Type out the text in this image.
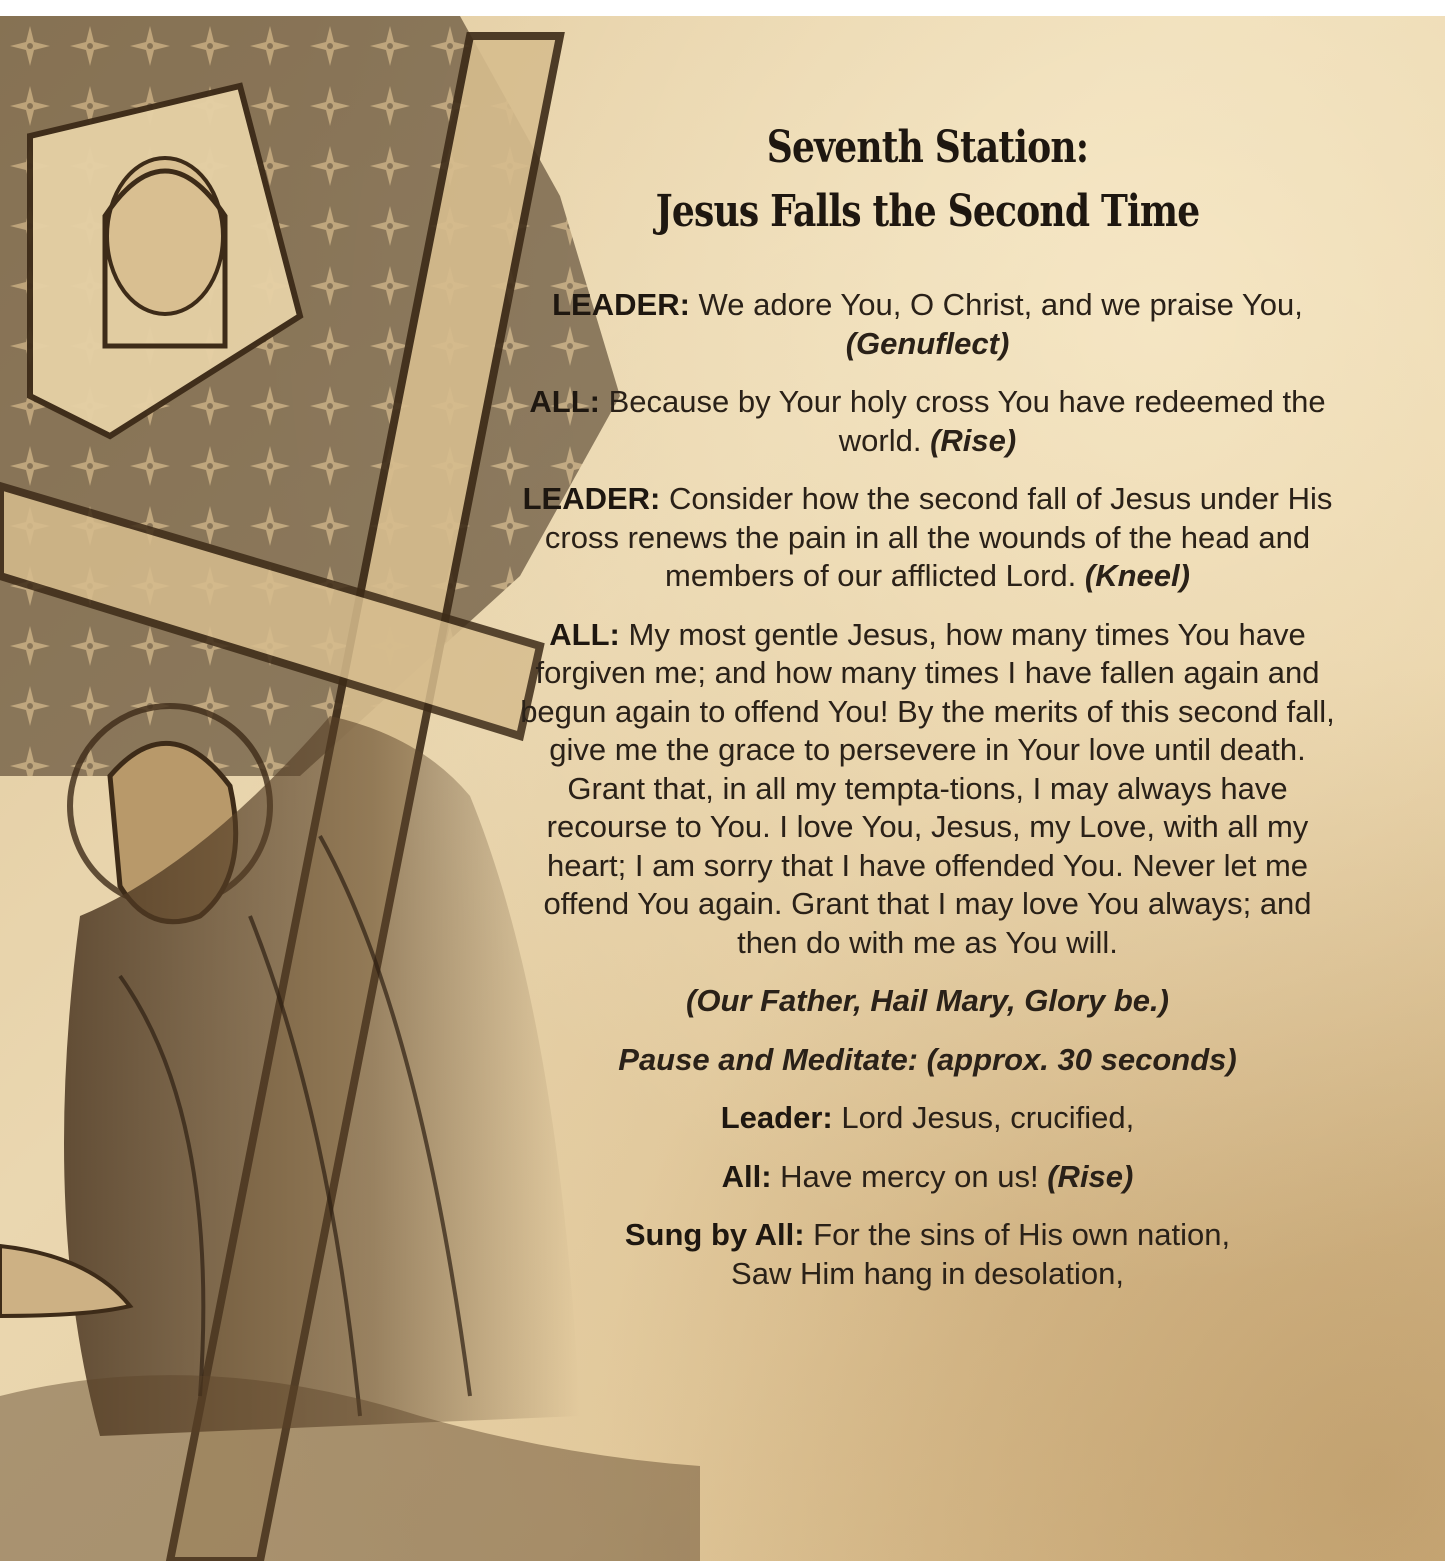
Seventh Station:
Jesus Falls the Second Time

LEADER: We adore You, O Christ, and we praise You,
(Genuflect)

ALL: Because by Your holy cross You have redeemed the world. (Rise)

LEADER: Consider how the second fall of Jesus under His cross renews the pain in all the wounds of the head and members of our afflicted Lord. (Kneel)

ALL: My most gentle Jesus, how many times You have forgiven me; and how many times I have fallen again and begun again to offend You! By the merits of this second fall, give me the grace to persevere in Your love until death. Grant that, in all my tempta-tions, I may always have recourse to You. I love You, Jesus, my Love, with all my heart; I am sorry that I have offended You. Never let me offend You again. Grant that I may love You always; and then do with me as You will.

(Our Father, Hail Mary, Glory be.)

Pause and Meditate: (approx. 30 seconds)

Leader: Lord Jesus, crucified,

All: Have mercy on us! (Rise)

Sung by All: For the sins of His own nation,
Saw Him hang in desolation,
